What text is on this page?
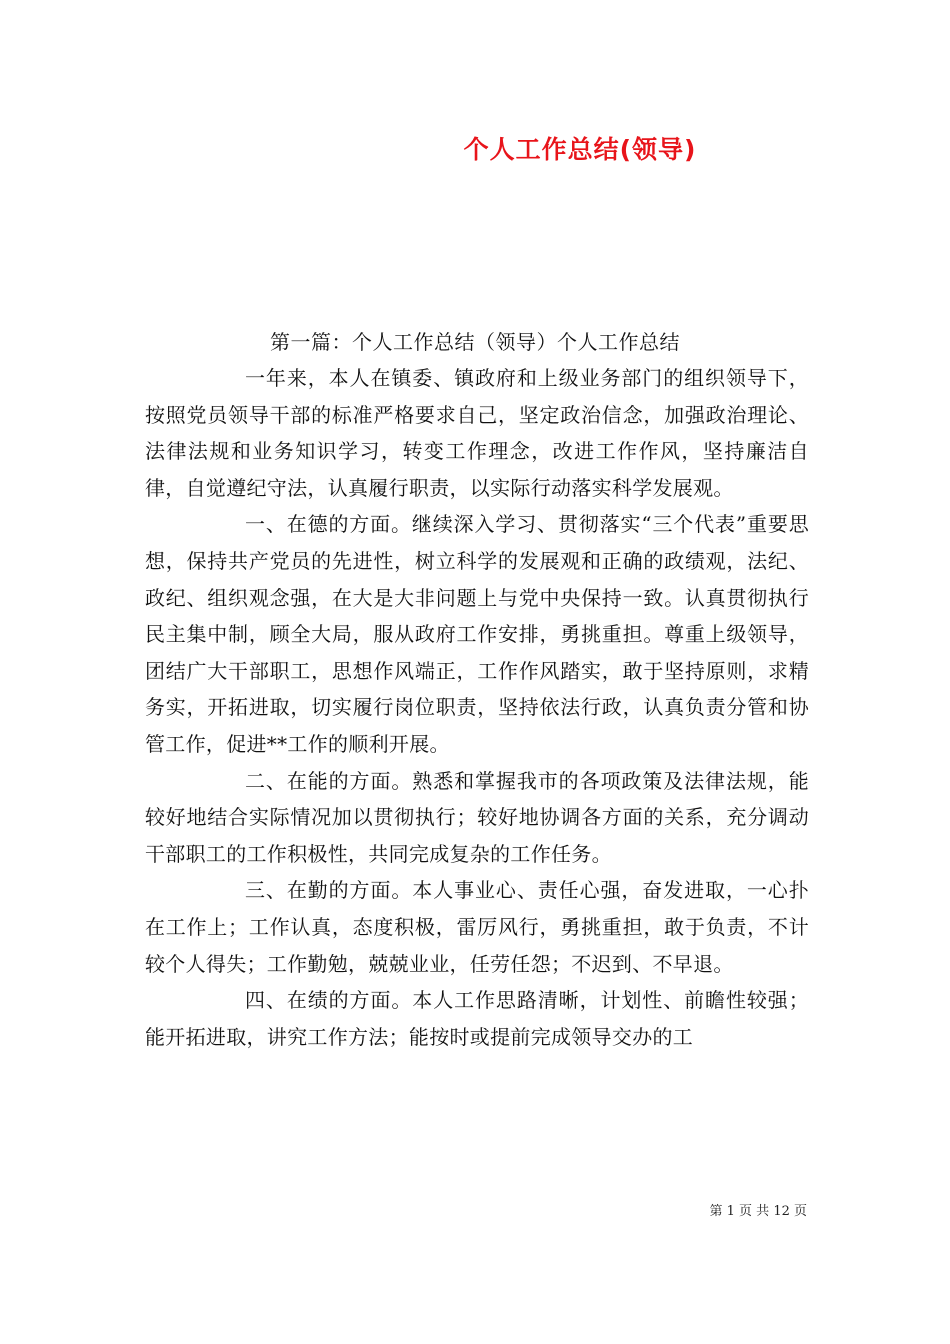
个人工作总结(领导)
第一篇：个人工作总结（领导）个人工作总结

一年来，本人在镇委、镇政府和上级业务部门的组织领导下，按照党员领导干部的标准严格要求自己，坚定政治信念，加强政治理论、法律法规和业务知识学习，转变工作理念，改进工作作风，坚持廉洁自律，自觉遵纪守法，认真履行职责，以实际行动落实科学发展观。

一、在德的方面。继续深入学习、贯彻落实“三个代表”重要思想，保持共产党员的先进性，树立科学的发展观和正确的政绩观，法纪、政纪、组织观念强，在大是大非问题上与党中央保持一致。认真贯彻执行民主集中制，顾全大局，服从政府工作安排，勇挑重担。尊重上级领导，团结广大干部职工，思想作风端正，工作作风踏实，敢于坚持原则，求精务实，开拓进取，切实履行岗位职责，坚持依法行政，认真负责分管和协管工作，促进**工作的顺利开展。

二、在能的方面。熟悉和掌握我市的各项政策及法律法规，能较好地结合实际情况加以贯彻执行；较好地协调各方面的关系，充分调动干部职工的工作积极性，共同完成复杂的工作任务。

三、在勤的方面。本人事业心、责任心强，奋发进取，一心扑在工作上；工作认真，态度积极，雷厉风行，勇挑重担，敢于负责，不计较个人得失；工作勤勉，兢兢业业，任劳任怨；不迟到、不早退。

四、在绩的方面。本人工作思路清晰，计划性、前瞻性较强；能开拓进取，讲究工作方法；能按时或提前完成领导交办的工

第 1 页 共 12 页
